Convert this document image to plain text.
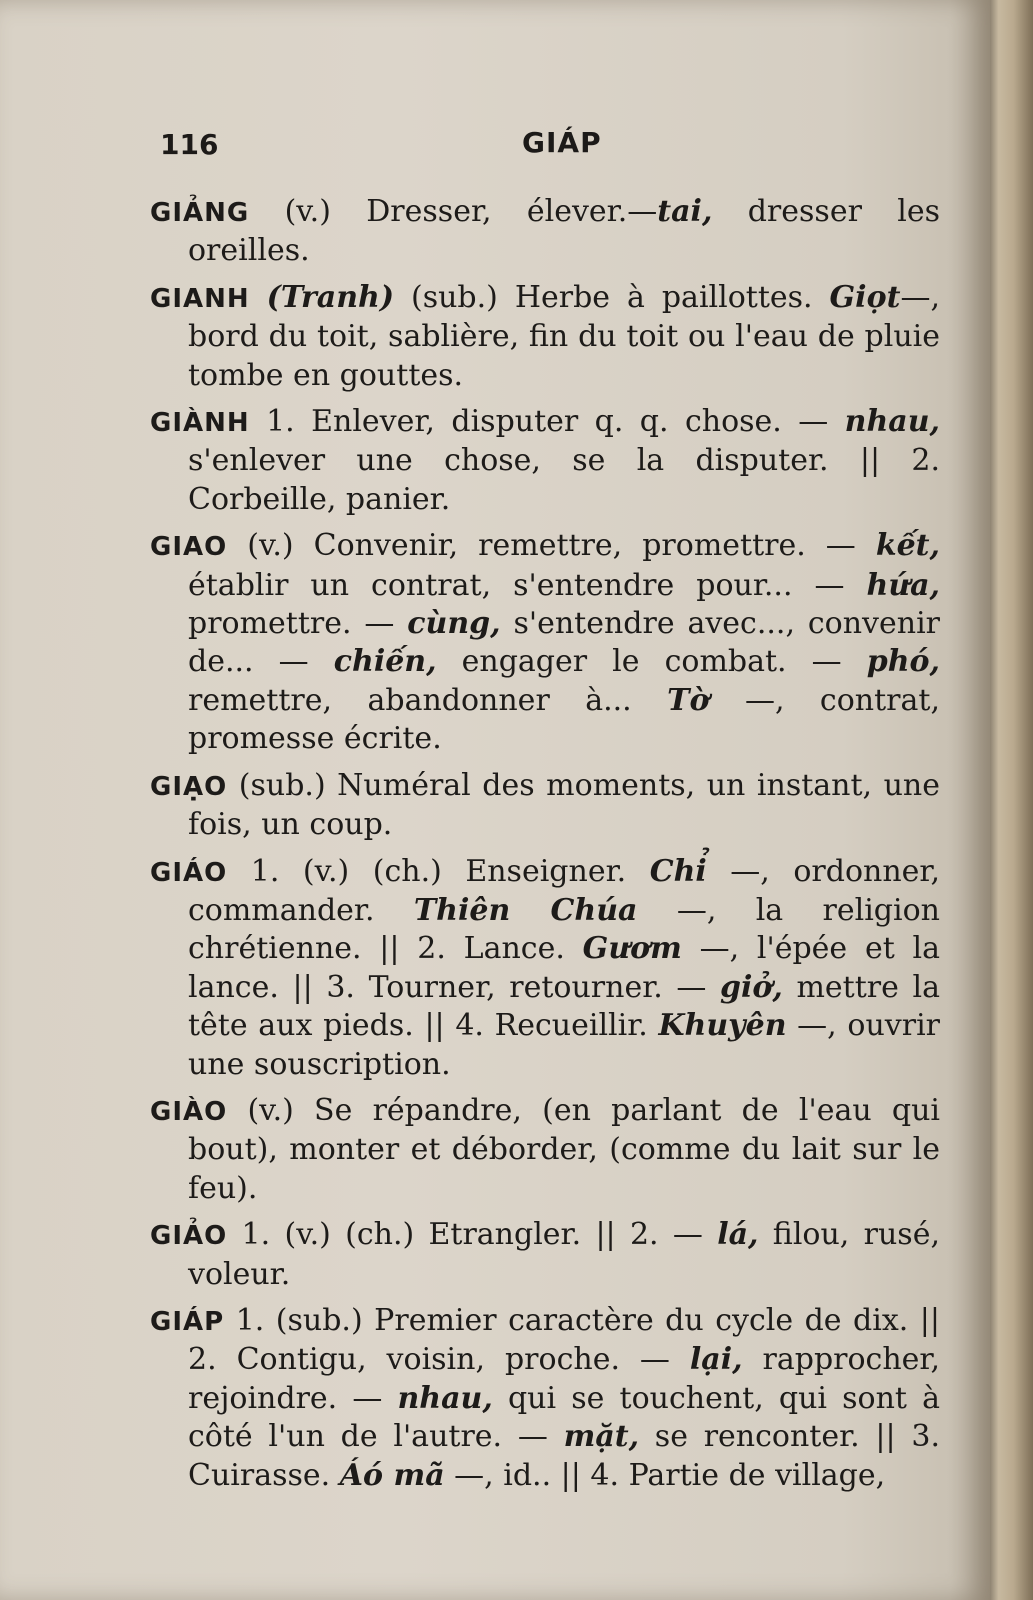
116	GIÁP

GIẢNG (v.) Dresser, élever.—tai, dresser les oreilles.

GIANH (Tranh) (sub.) Herbe à paillottes. Giọt—, bord du toit, sablière, fin du toit ou l'eau de pluie tombe en gouttes.

GIÀNH 1. Enlever, disputer q. q. chose. — nhau, s'enlever une chose, se la disputer. || 2. Corbeille, panier.

GIAO (v.) Convenir, remettre, promettre. — kết, établir un contrat, s'entendre pour... — hứa, promettre. — cùng, s'entendre avec..., convenir de... — chiến, engager le combat. — phó, remettre, abandonner à... Tờ —, contrat, promesse écrite.

GIẠO (sub.) Numéral des moments, un instant, une fois, un coup.

GIÁO 1. (v.) (ch.) Enseigner. Chỉ —, ordonner, commander. Thiên Chúa —, la religion chrétienne. || 2. Lance. Gươm —, l'épée et la lance. || 3. Tourner, retourner. — giở, mettre la tête aux pieds. || 4. Recueillir. Khuyên —, ouvrir une souscription.

GIÀO (v.) Se répandre, (en parlant de l'eau qui bout), monter et déborder, (comme du lait sur le feu).

GIẢO 1. (v.) (ch.) Etrangler. || 2. — lá, filou, rusé, voleur.

GIÁP 1. (sub.) Premier caractère du cycle de dix. || 2. Contigu, voisin, proche. — lại, rapprocher, rejoindre. — nhau, qui se touchent, qui sont à côté l'un de l'autre. — mặt, se renconter. || 3. Cuirasse. Áó mã —, id.. || 4. Partie de village,
